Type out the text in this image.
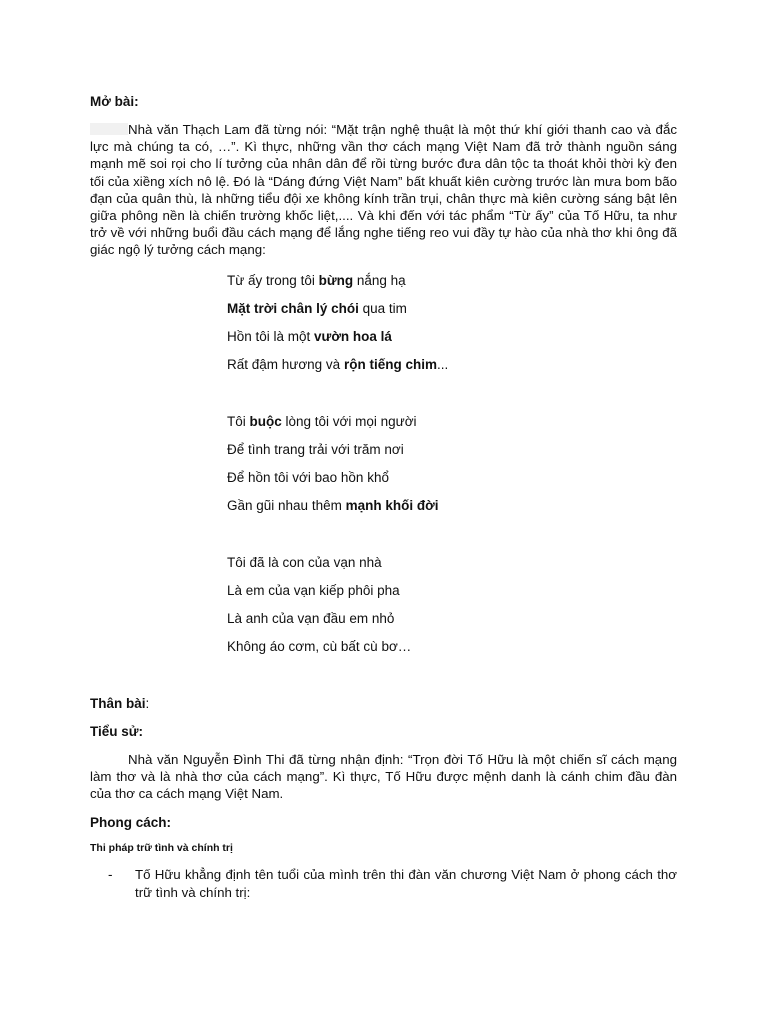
Mở bài:

Nhà văn Thạch Lam đã từng nói: “Mặt trận nghệ thuật là một thứ khí giới thanh cao và đắc lực mà chúng ta có, …”. Kì thực, những vần thơ cách mạng Việt Nam đã trở thành nguồn sáng mạnh mẽ soi rọi cho lí tưởng của nhân dân để rồi từng bước đưa dân tộc ta thoát khỏi thời kỳ đen tối của xiềng xích nô lệ. Đó là “Dáng đứng Việt Nam” bất khuất kiên cường trước làn mưa bom bão đạn của quân thù, là những tiểu đội xe không kính trần trụi, chân thực mà kiên cường sáng bật lên giữa phông nền là chiến trường khốc liệt,.... Và khi đến với tác phẩm “Từ ấy” của Tố Hữu, ta như trở về với những buổi đầu cách mạng để lắng nghe tiếng reo vui đầy tự hào của nhà thơ khi ông đã giác ngộ lý tưởng cách mạng:

Từ ấy trong tôi bừng nắng hạ
Mặt trời chân lý chói qua tim
Hồn tôi là một vườn hoa lá
Rất đậm hương và rộn tiếng chim...
Tôi buộc lòng tôi với mọi người
Để tình trang trải với trăm nơi
Để hồn tôi với bao hồn khổ
Gần gũi nhau thêm mạnh khối đời
Tôi đã là con của vạn nhà
Là em của vạn kiếp phôi pha
Là anh của vạn đầu em nhỏ
Không áo cơm, cù bất cù bơ…
Thân bài:
Tiểu sử:

Nhà văn Nguyễn Đình Thi đã từng nhận định: “Trọn đời Tố Hữu là một chiến sĩ cách mạng làm thơ và là nhà thơ của cách mạng”. Kì thực, Tố Hữu được mệnh danh là cánh chim đầu đàn của thơ ca cách mạng Việt Nam.

Phong cách:
Thi pháp trữ tình và chính trị
- Tố Hữu khẳng định tên tuổi của mình trên thi đàn văn chương Việt Nam ở phong cách thơ trữ tình và chính trị:
